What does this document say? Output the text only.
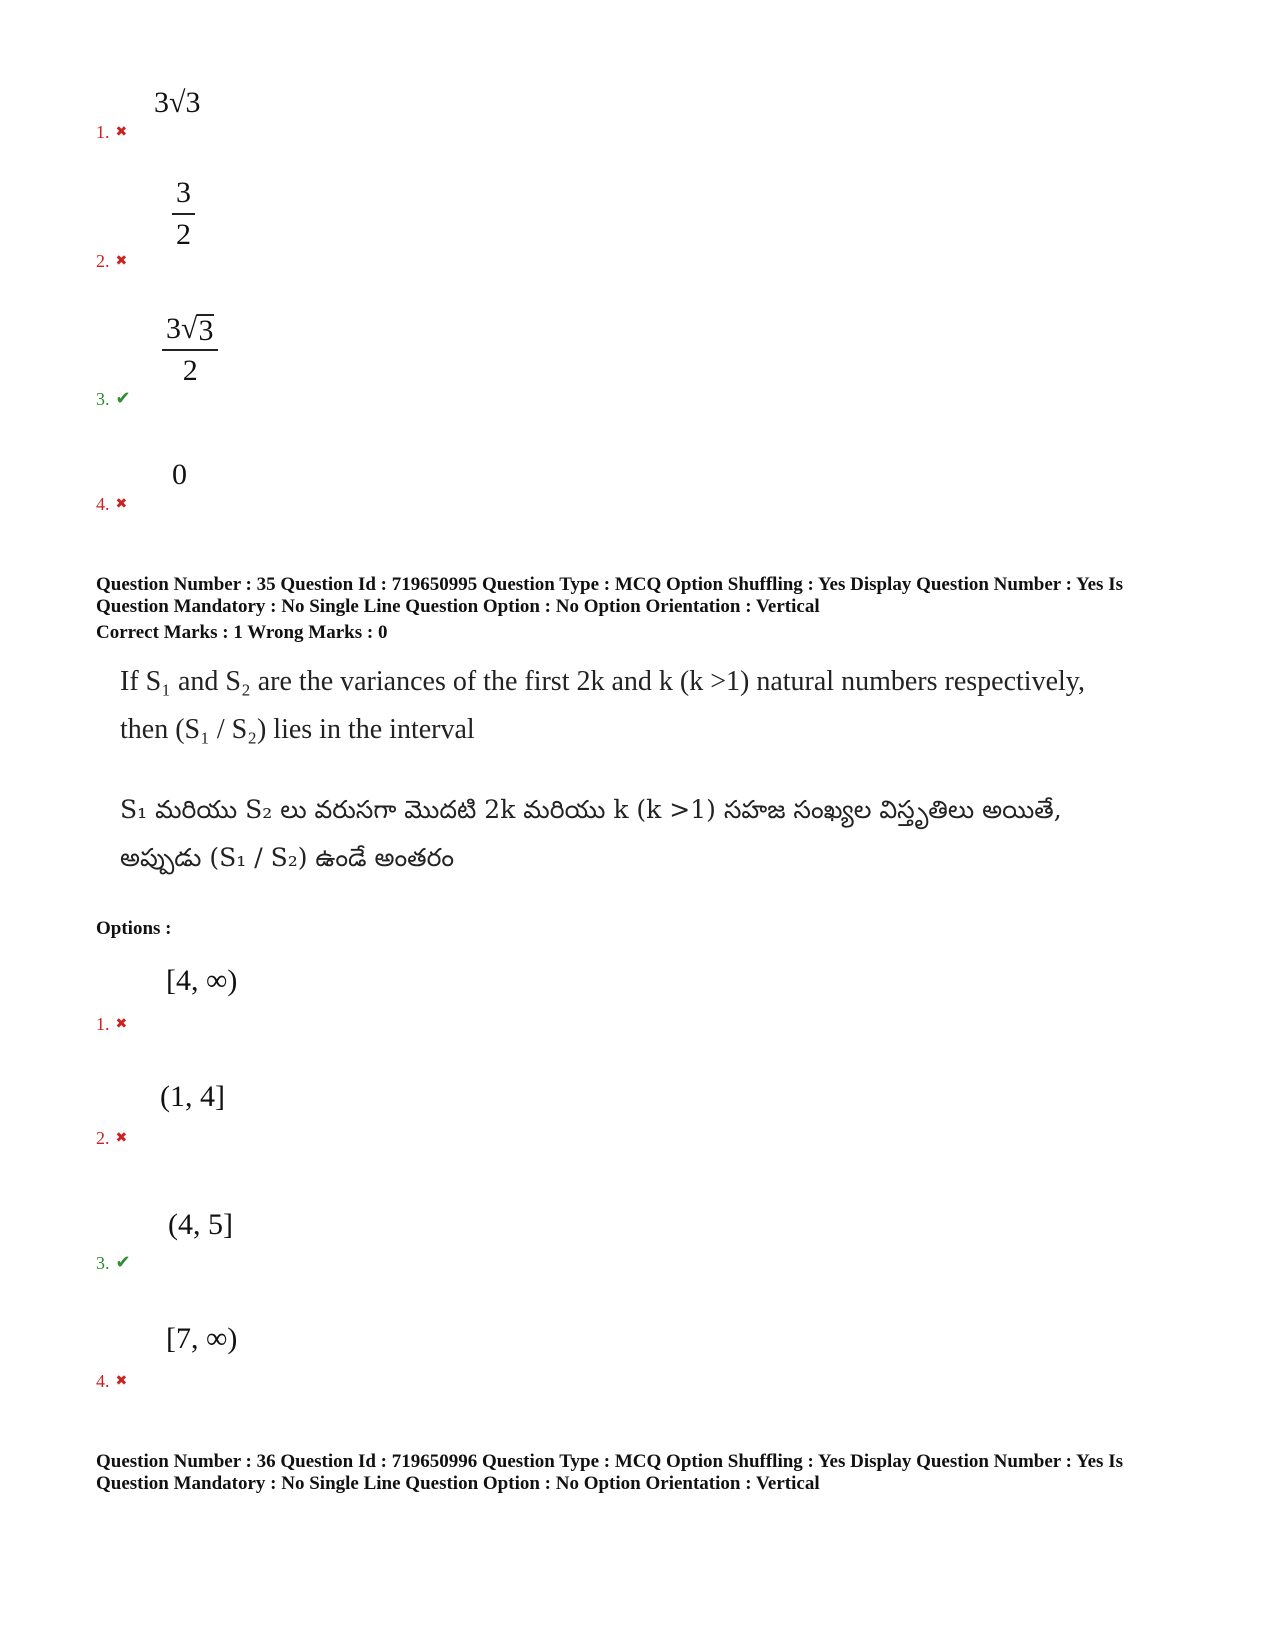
3√3
1. ✖
$\frac{3}{2}$
2. ✖
$\frac{3 √ 3}{2}$
3. ✔
0
4. ✖
Question Number : 35 Question Id : 719650995 Question Type : MCQ Option Shuffling : Yes Display Question Number : Yes Is
Question Mandatory : No Single Line Question Option : No Option Orientation : Vertical
Correct Marks : 1 Wrong Marks : 0
If S₁ and S₂ are the variances of the first 2k and k (k >1) natural numbers respectively,
then (S₁ / S₂) lies in the interval
S₁ మరియు S₂ లు వరుసగా మొదటి 2k మరియు k (k >1) సహజ సంఖ్యల విస్తృతిలు అయితే,
అప్పుడు (S₁ / S₂) ఉండే అంతరం
Options :
[4, ∞)
1. ✖
(1, 4]
2. ✖
(4, 5]
3. ✔
[7, ∞)
4. ✖
Question Number : 36 Question Id : 719650996 Question Type : MCQ Option Shuffling : Yes Display Question Number : Yes Is
Question Mandatory : No Single Line Question Option : No Option Orientation : Vertical
